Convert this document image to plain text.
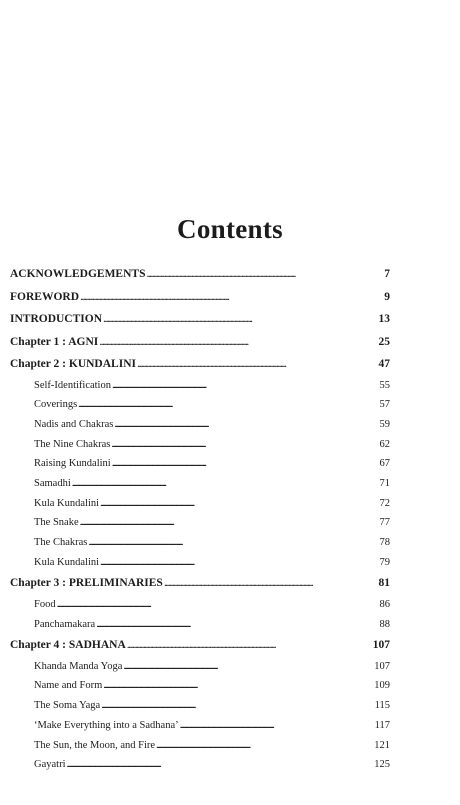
Contents
ACKNOWLEDGEMENTS . . .	7
FOREWORD . . .	9
INTRODUCTION . . .	13
Chapter 1 : AGNI . . .	25
Chapter 2 : KUNDALINI . . .	47
Self-Identification . . .	55
Coverings . . .	57
Nadis and Chakras . . .	59
The Nine Chakras . . .	62
Raising Kundalini . . .	67
Samadhi . . .	71
Kula Kundalini . . .	72
The Snake . . .	77
The Chakras . . .	78
Kula Kundalini . . .	79
Chapter 3 : PRELIMINARIES . . .	81
Food . . .	86
Panchamakara . . .	88
Chapter 4 : SADHANA . . .	107
Khanda Manda Yoga . . .	107
Name and Form . . .	109
The Soma Yaga . . .	115
‘Make Everything into a Sadhana’ . . .	117
The Sun, the Moon, and Fire . . .	121
Gayatri . . .	125
